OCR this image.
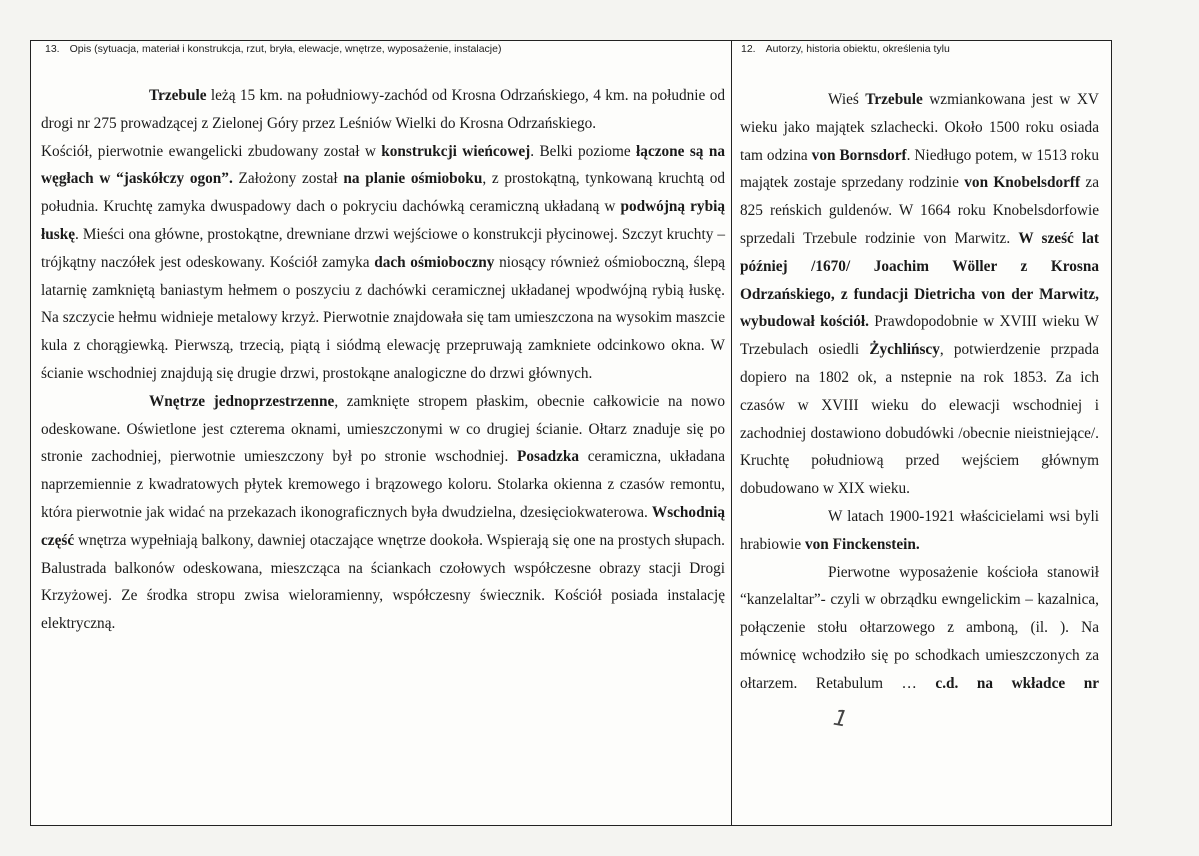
13. Opis (sytuacja, materiał i konstrukcja, rzut, bryła, elewacje, wnętrze, wyposażenie, instalacje)	12. Autorzy, historia obiektu, określenia tylu

Trzebule leżą 15 km. na południowy-zachód od Krosna Odrzańskiego, 4 km. na południe od drogi nr 275 prowadzącej z Zielonej Góry przez Leśniów Wielki do Krosna Odrzańskiego.

Kościół, pierwotnie ewangelicki zbudowany został w konstrukcji wieńcowej. Belki poziome łączone są na węgłach w “jaskółczy ogon”. Założony został na planie ośmioboku, z prostokątną, tynkowaną kruchtą od południa. Kruchtę zamyka dwuspadowy dach o pokryciu dachówką ceramiczną układaną w podwójną rybią łuskę. Mieści ona główne, prostokątne, drewniane drzwi wejściowe o konstrukcji płycinowej. Szczyt kruchty – trójkątny naczółek jest odeskowany. Kościół zamyka dach ośmioboczny niosący również ośmioboczną, ślepą latarnię zamkniętą baniastym hełmem o poszyciu z dachówki ceramicznej układanej wpodwójną rybią łuskę. Na szczycie hełmu widnieje metalowy krzyż. Pierwotnie znajdowała się tam umieszczona na wysokim maszcie kula z chorągiewką. Pierwszą, trzecią, piątą i siódmą elewację przepruwają zamkniete odcinkowo okna. W ścianie wschodniej znajdują się drugie drzwi, prostokąne analogiczne do drzwi głównych.

Wnętrze jednoprzestrzenne, zamknięte stropem płaskim, obecnie całkowicie na nowo odeskowane. Oświetlone jest czterema oknami, umieszczonymi w co drugiej ścianie. Ołtarz znaduje się po stronie zachodniej, pierwotnie umieszczony był po stronie wschodniej. Posadzka ceramiczna, układana naprzemiennie z kwadratowych płytek kremowego i brązowego koloru. Stolarka okienna z czasów remontu, która pierwotnie jak widać na przekazach ikonograficznych była dwudzielna, dzesięciokwaterowa. Wschodnią część wnętrza wypełniają balkony, dawniej otaczające wnętrze dookoła. Wspierają się one na prostych słupach. Balustrada balkonów odeskowana, mieszcząca na ściankach czołowych współczesne obrazy stacji Drogi Krzyżowej. Ze środka stropu zwisa wieloramienny, współczesny świecznik. Kościół posiada instalację elektryczną.

Wieś Trzebule wzmiankowana jest w XV wieku jako majątek szlachecki. Około 1500 roku osiada tam odzina von Bornsdorf. Niedługo potem, w 1513 roku majątek zostaje sprzedany rodzinie von Knobelsdorff za 825 reńskich guldenów. W 1664 roku Knobelsdorfowie sprzedali Trzebule rodzinie von Marwitz. W sześć lat później /1670/ Joachim Wöller z Krosna Odrzańskiego, z fundacji Dietricha von der Marwitz, wybudował kościół. Prawdopodobnie w XVIII wieku W Trzebulach osiedli Żychlińscy, potwierdzenie przpada dopiero na 1802 ok, a nstepnie na rok 1853. Za ich czasów w XVIII wieku do elewacji wschodniej i zachodniej dostawiono dobudówki /obecnie nieistniejące/. Kruchtę południową przed wejściem głównym dobudowano w XIX wieku.

W latach 1900-1921 właścicielami wsi byli hrabiowie von Finckenstein.

Pierwotne wyposażenie kościoła stanowił “kanzelaltar”- czyli w obrządku ewngelickim – kazalnica, połączenie stołu ołtarzowego z amboną, (il. ). Na mównicę wchodziło się po schodkach umieszczonych za ołtarzem. Retabulum … c.d. na wkładce nr1
